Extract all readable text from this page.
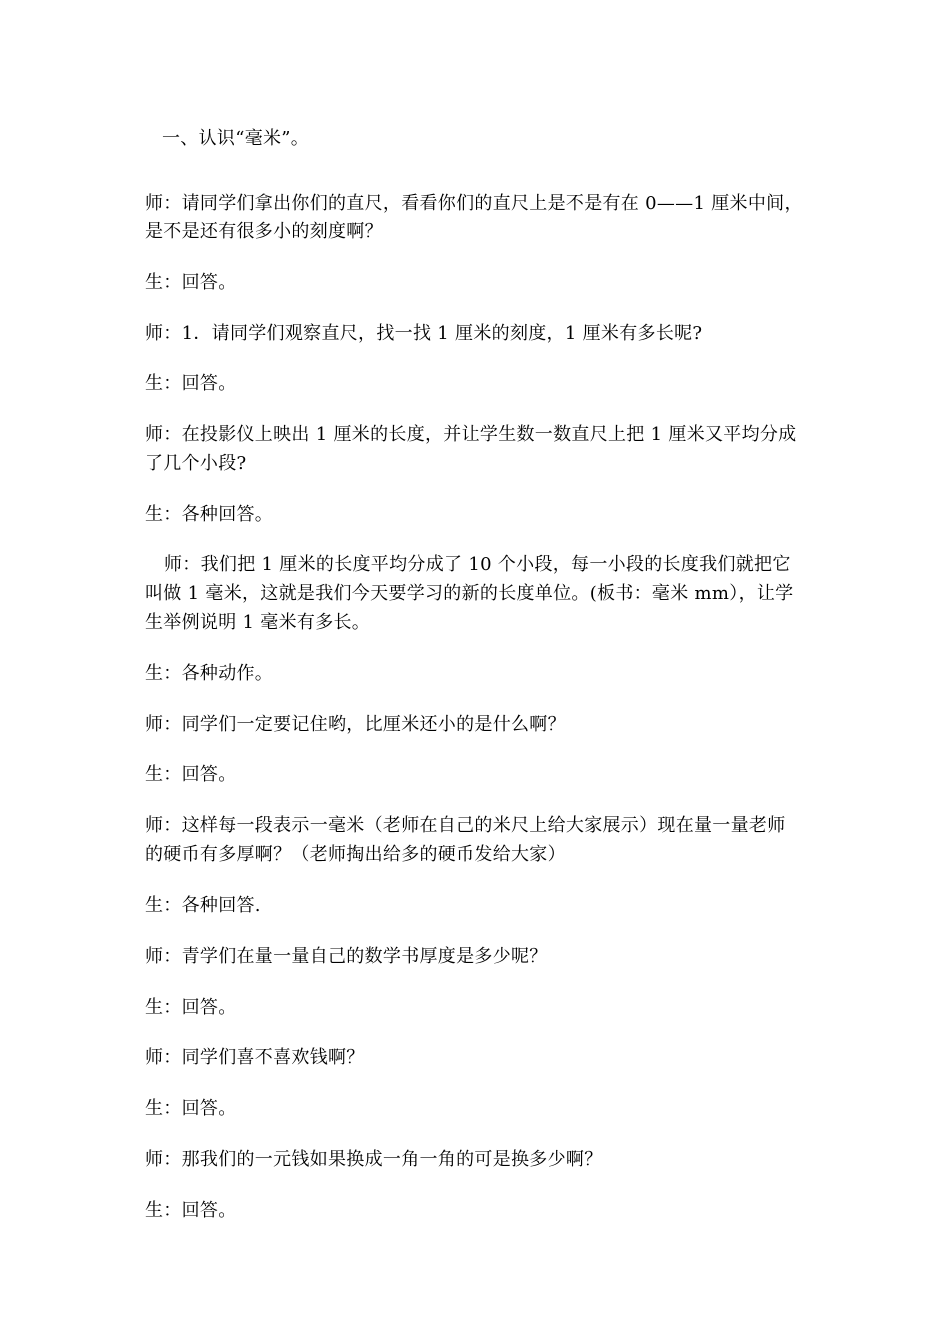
一、认识“毫米”。
师：请同学们拿出你们的直尺，看看你们的直尺上是不是有在 0——1 厘米中间，
是不是还有很多小的刻度啊？
生：回答。
师：1．请同学们观察直尺，找一找 1 厘米的刻度，1 厘米有多长呢?
生：回答。
师：在投影仪上映出 1 厘米的长度，并让学生数一数直尺上把 1 厘米又平均分成
了几个小段?
生：各种回答。
师：我们把 1 厘米的长度平均分成了 10 个小段，每一小段的长度我们就把它
叫做 1 毫米，这就是我们今天要学习的新的长度单位。(板书：毫米 mm），让学
生举例说明 1 毫米有多长。
生：各种动作。
师：同学们一定要记住哟，比厘米还小的是什么啊？
生：回答。
师：这样每一段表示一毫米（老师在自己的米尺上给大家展示）现在量一量老师
的硬币有多厚啊？（老师掏出给多的硬币发给大家）
生：各种回答.
师：青学们在量一量自己的数学书厚度是多少呢？
生：回答。
师：同学们喜不喜欢钱啊？
生：回答。
师：那我们的一元钱如果换成一角一角的可是换多少啊？
生：回答。
